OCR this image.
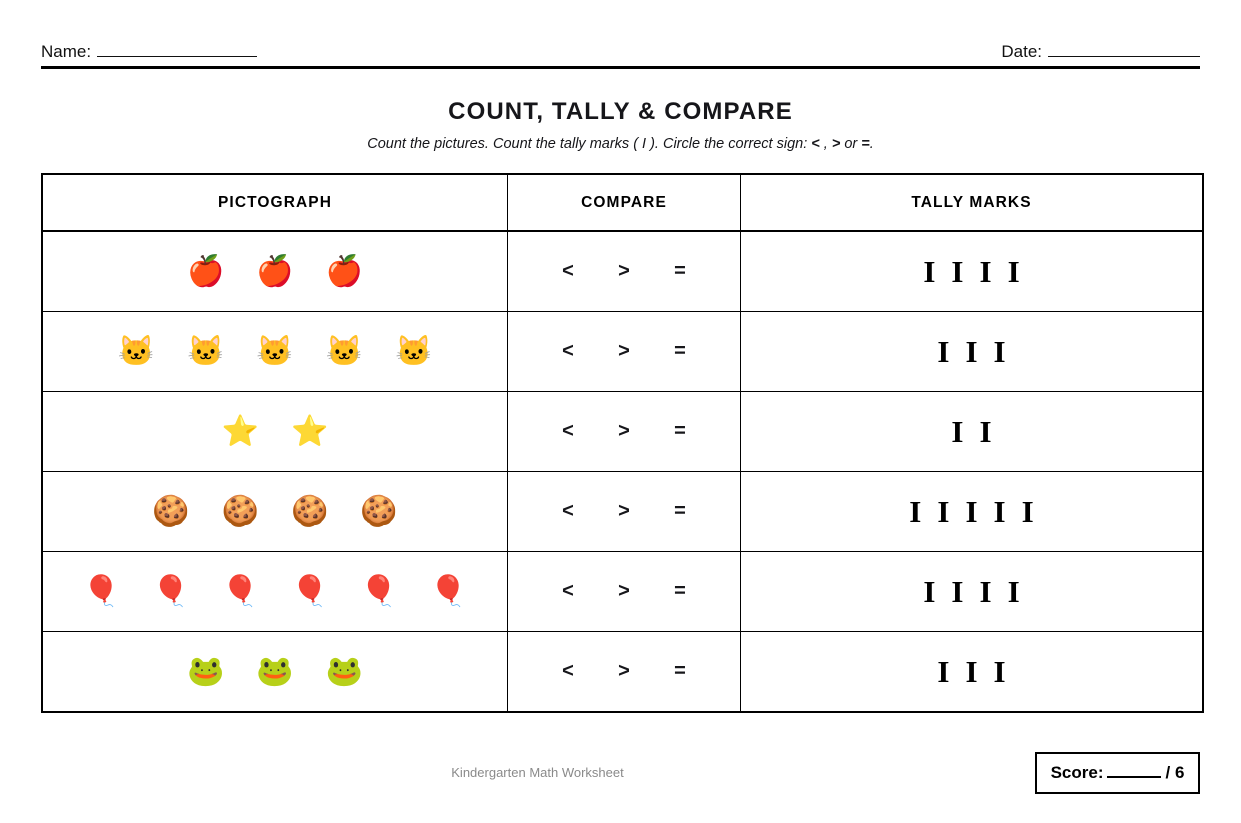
Name:	Date:
COUNT, TALLY & COMPARE
Count the pictures. Count the tally marks ( I ). Circle the correct sign: < , > or =.
PICTOGRAPH	COMPARE	TALLY MARKS

🍎 🍎 🍎	< > =	I I I I

🐱 🐱 🐱 🐱 🐱	< > =	I I I

⭐ ⭐	< > =	I I

🍪 🍪 🍪 🍪	< > =	I I I I I

🎈 🎈 🎈 🎈 🎈 🎈	< > =	I I I I

🐸 🐸 🐸	< > =	I I I
Kindergarten Math Worksheet	Score:	/ 6
